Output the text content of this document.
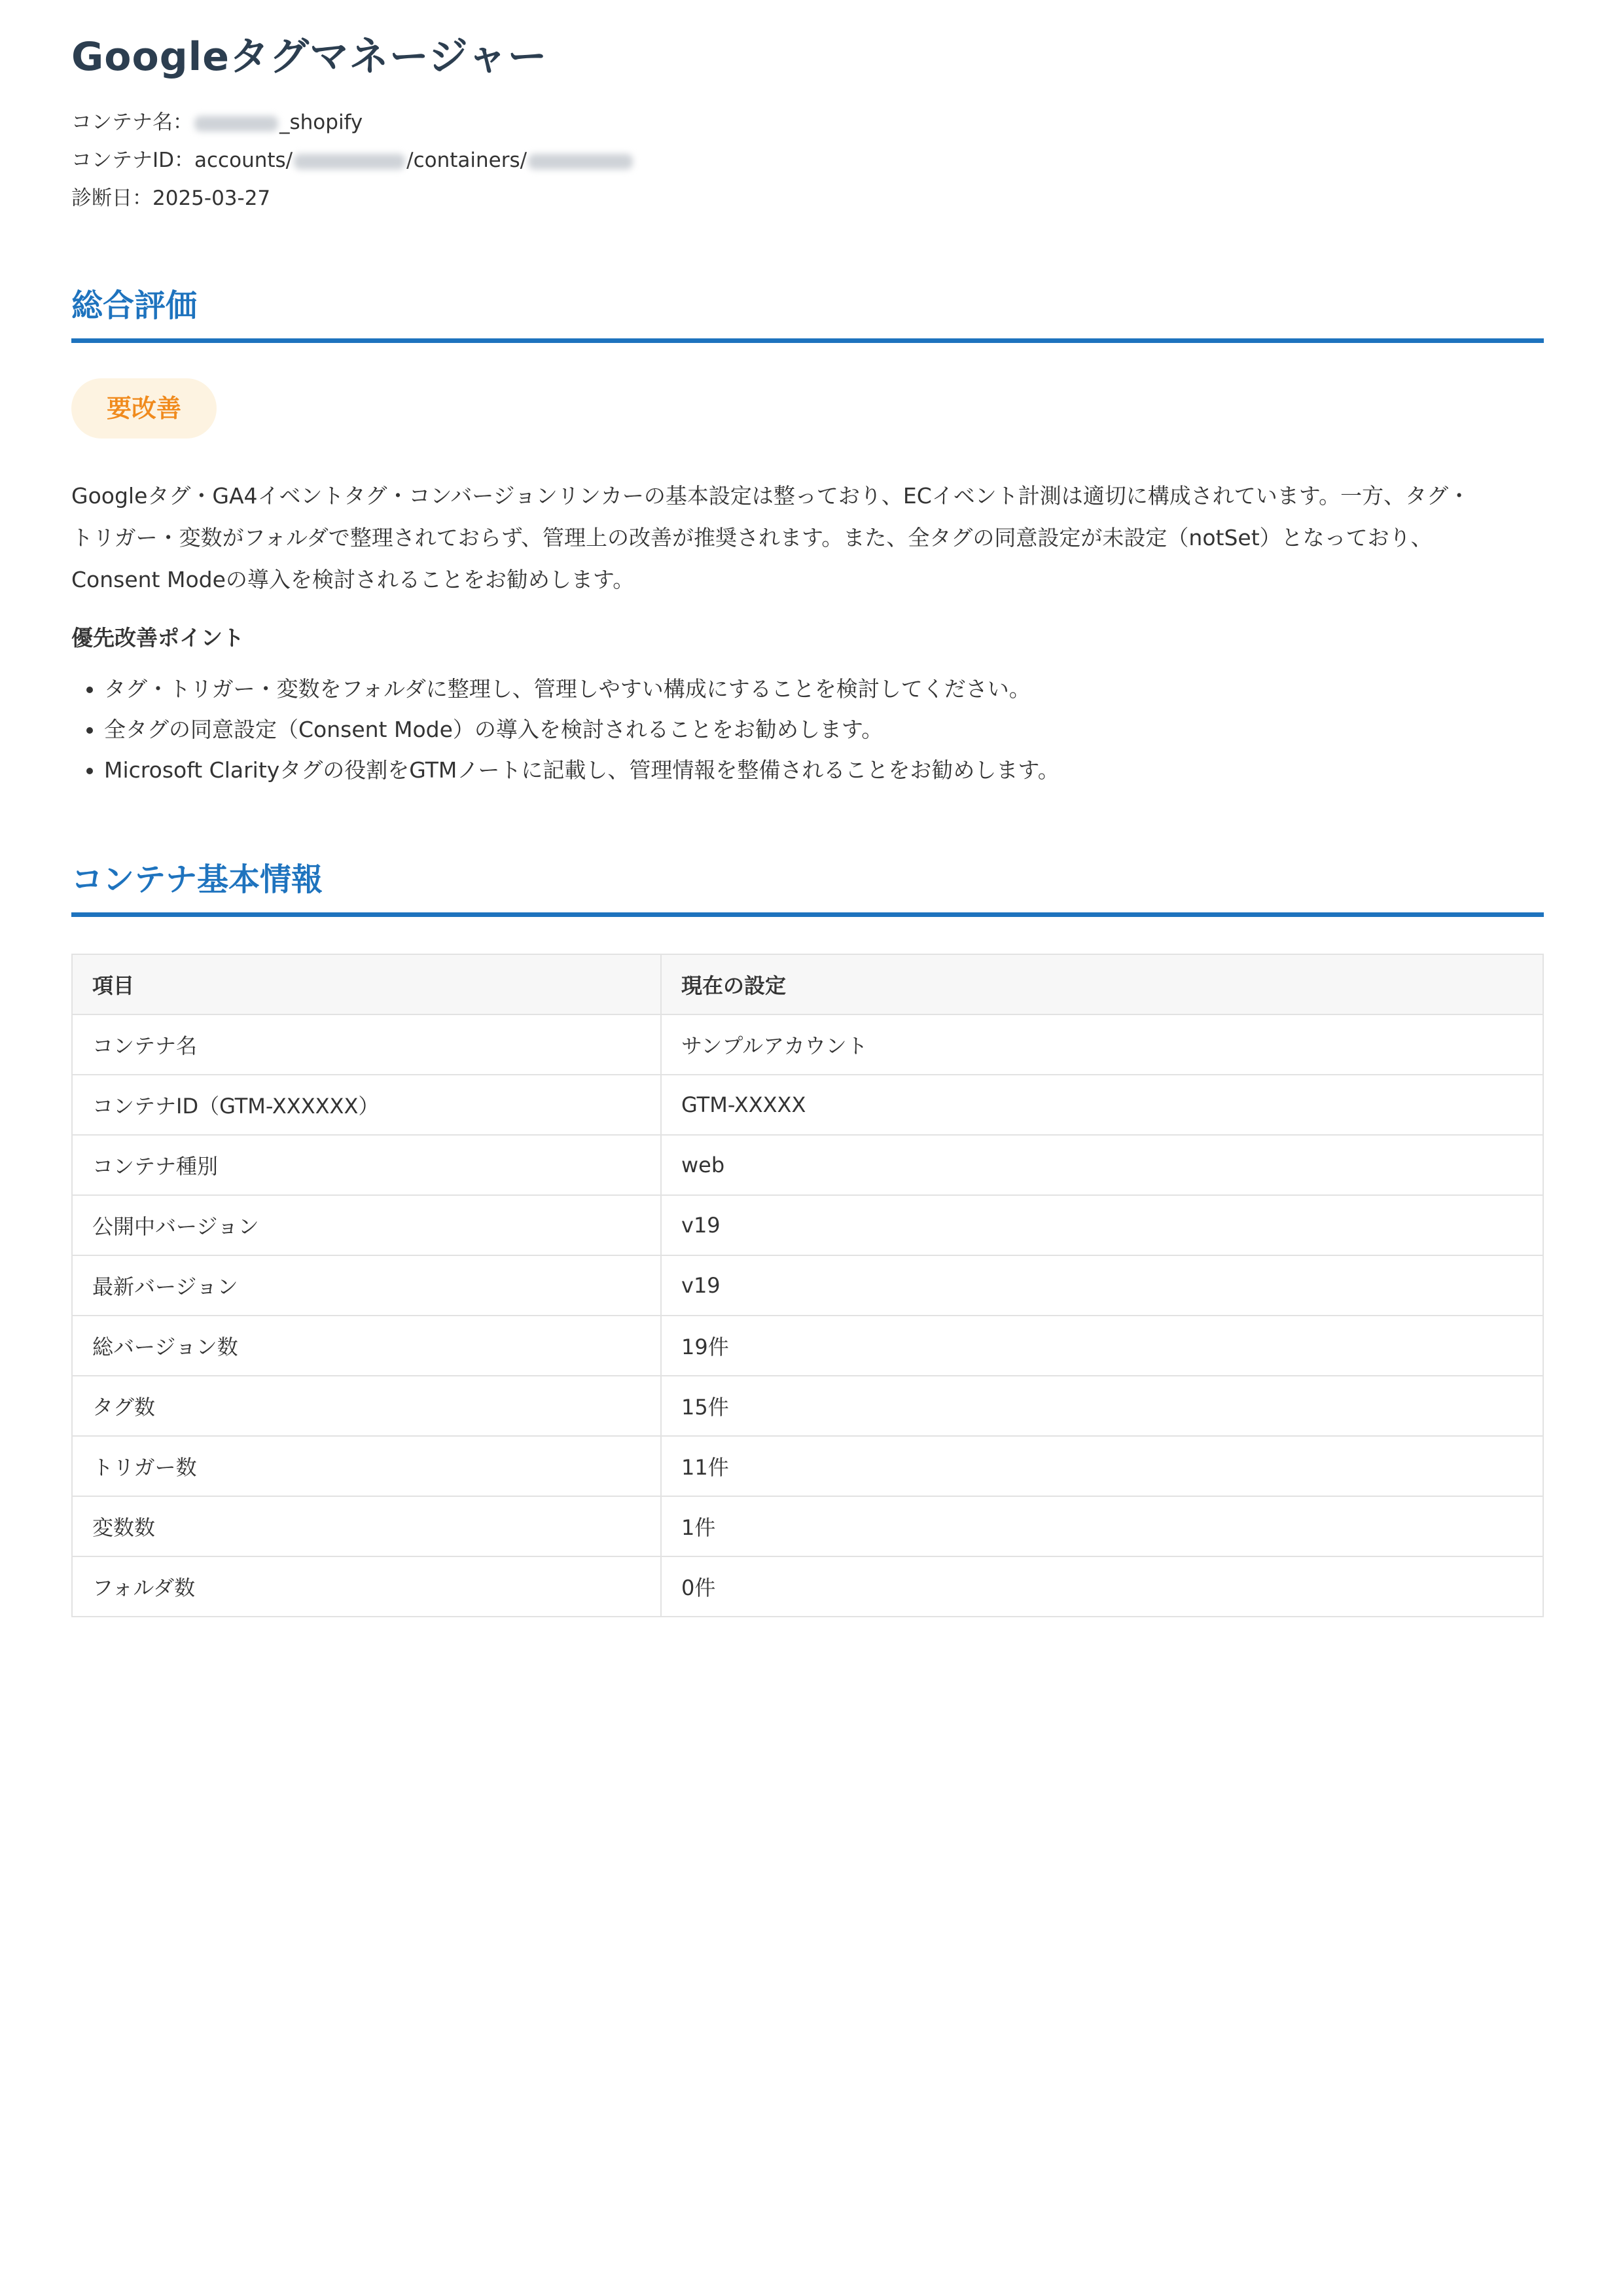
Googleタグマネージャー
コンテナ名：	_shopify
コンテナID：accounts/	/containers/
診断日：2025-03-27
総合評価
要改善
Googleタグ・GA4イベントタグ・コンバージョンリンカーの基本設定は整っており、ECイベント計測は適切に構成されています。一方、タグ・
トリガー・変数がフォルダで整理されておらず、管理上の改善が推奨されます。また、全タグの同意設定が未設定（notSet）となっており、
Consent Modeの導入を検討されることをお勧めします。
優先改善ポイント
• タグ・トリガー・変数をフォルダに整理し、管理しやすい構成にすることを検討してください。
• 全タグの同意設定（Consent Mode）の導入を検討されることをお勧めします。
• Microsoft Clarityタグの役割をGTMノートに記載し、管理情報を整備されることをお勧めします。
コンテナ基本情報
項目	現在の設定
コンテナ名	サンプルアカウント
コンテナID（GTM-XXXXXX）	GTM-XXXXX
コンテナ種別	web
公開中バージョン	v19
最新バージョン	v19
総バージョン数	19件
タグ数	15件
トリガー数	11件
変数数	1件
フォルダ数	0件
